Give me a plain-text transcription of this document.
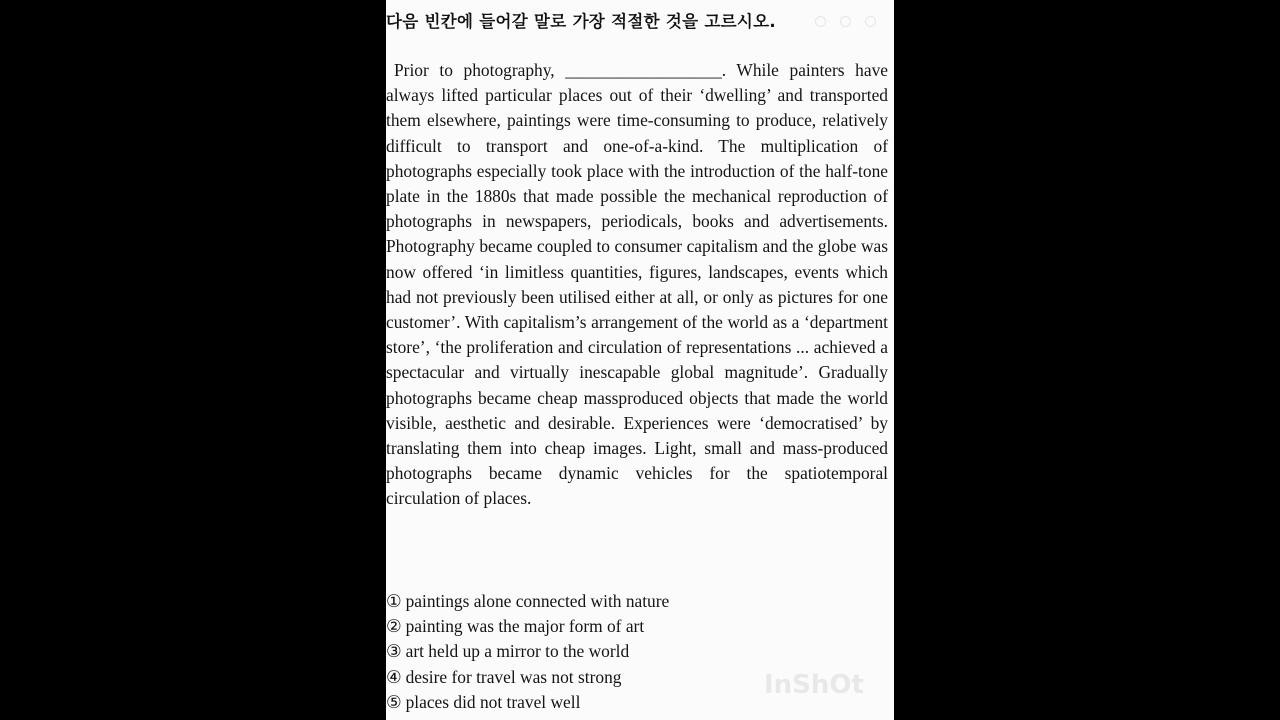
다음 빈칸에 들어갈 말로 가장 적절한 것을 고르시오.

Prior to photography, __________________. While painters have always lifted particular places out of their ‘dwelling’ and transported them elsewhere, paintings were time-consuming to produce, relatively difficult to transport and one-of-a-kind. The multiplication of photographs especially took place with the introduction of the half-tone plate in the 1880s that made possible the mechanical reproduction of photographs in newspapers, periodicals, books and advertisements. Photography became coupled to consumer capitalism and the globe was now offered ‘in limitless quantities, figures, landscapes, events which had not previously been utilised either at all, or only as pictures for one customer’. With capitalism’s arrangement of the world as a ‘department store’, ‘the proliferation and circulation of representations ... achieved a spectacular and virtually inescapable global magnitude’. Gradually photographs became cheap massproduced objects that made the world visible, aesthetic and desirable. Experiences were ‘democratised’ by translating them into cheap images. Light, small and mass-produced photographs became dynamic vehicles for the spatiotemporal circulation of places.

① paintings alone connected with nature
② painting was the major form of art
③ art held up a mirror to the world
④ desire for travel was not strong
⑤ places did not travel well
InShOt
